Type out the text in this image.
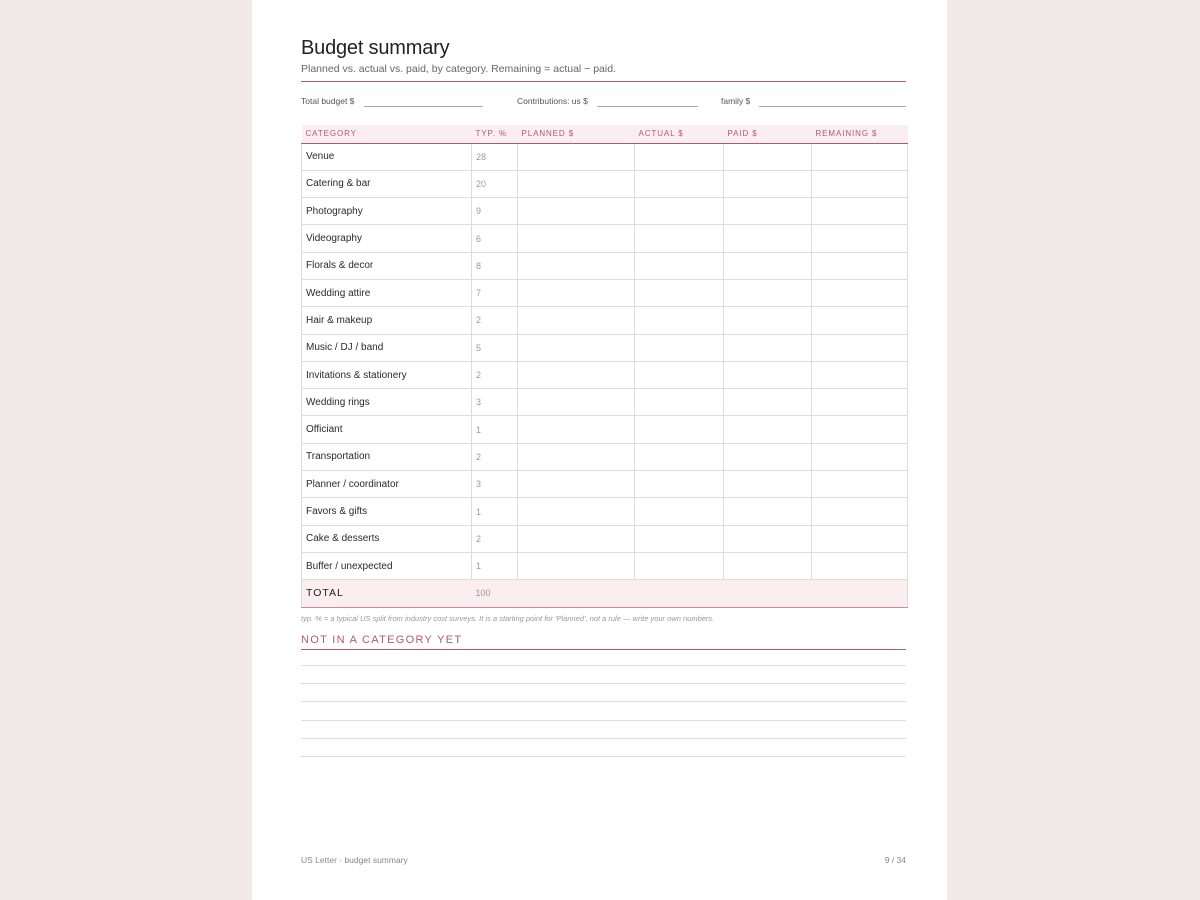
Budget summary
Planned vs. actual vs. paid, by category. Remaining = actual − paid.
Total budget $	Contributions: us $	family $
CATEGORY	TYP. %	PLANNED $	ACTUAL $	PAID $	REMAINING $
Venue	28				
Catering & bar	20				
Photography	9				
Videography	6				
Florals & decor	8				
Wedding attire	7				
Hair & makeup	2				
Music / DJ / band	5				
Invitations & stationery	2				
Wedding rings	3				
Officiant	1				
Transportation	2				
Planner / coordinator	3				
Favors & gifts	1				
Cake & desserts	2				
Buffer / unexpected	1				
TOTAL	100				
typ. % = a typical US split from industry cost surveys. It is a starting point for 'Planned', not a rule — write your own numbers.
NOT IN A CATEGORY YET
US Letter · budget summary	9 / 34
